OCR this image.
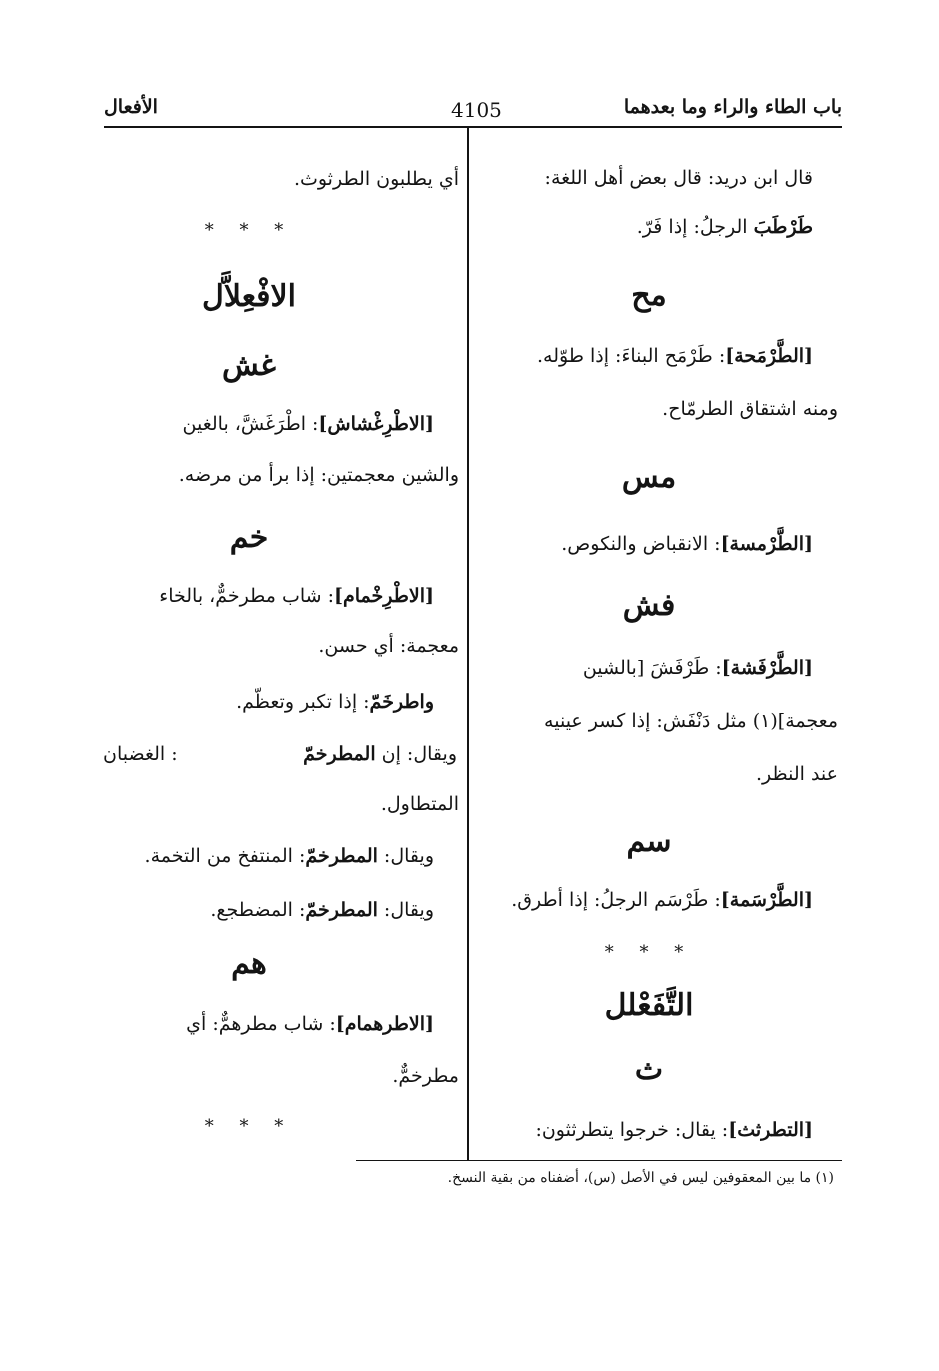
باب الطاء والراء وما بعدهما
4105
الأفعال
قال ابن دريد: قال بعض أهل اللغة:
طَرْطَبَ الرجلُ: إذا فَرّ.
مح
[الطَّرْمَحة]: طَرْمَح البناءَ: إذا طوّله.
ومنه اشتقاق الطرمّاح.
مس
[الطَّرْمسة]: الانقباض والنكوص.
فش
[الطَّرْفَشة]: طَرْفَشَ [بالشين
معجمة](١) مثل دَنْفَش: إذا كسر عينيه
عند النظر.
سم
[الطَّرْسَمة]: طَرْسَم الرجلُ: إذا أطرق.
* * *
التَّفَعْلل
ث
[التطرثث]: يقال: خرجوا يتطرثثون:
أي يطلبون الطرثوث.
* * *
الافْعِلاَّل
غش
[الاطْرِغْشاش]: اطْرَغَشَّ، بالغين
والشين معجمتين: إذا برأ من مرضه.
خم
[الاطْرِخْمام]: شاب مطرخمٌّ، بالخاء
معجمة: أي حسن.
واطرخَمّ: إذا تكبر وتعظّم.
ويقال: إن المطرخمّ
: الغضبان
المتطاول.
ويقال: المطرخمّ: المنتفخ من التخمة.
ويقال: المطرخمّ: المضطجع.
هم
[الاطرهمام]: شاب مطرهمٌّ: أي
مطرخمٌّ.
* * *
(١) ما بين المعقوفين ليس في الأصل (س)، أضفناه من بقية النسخ.
